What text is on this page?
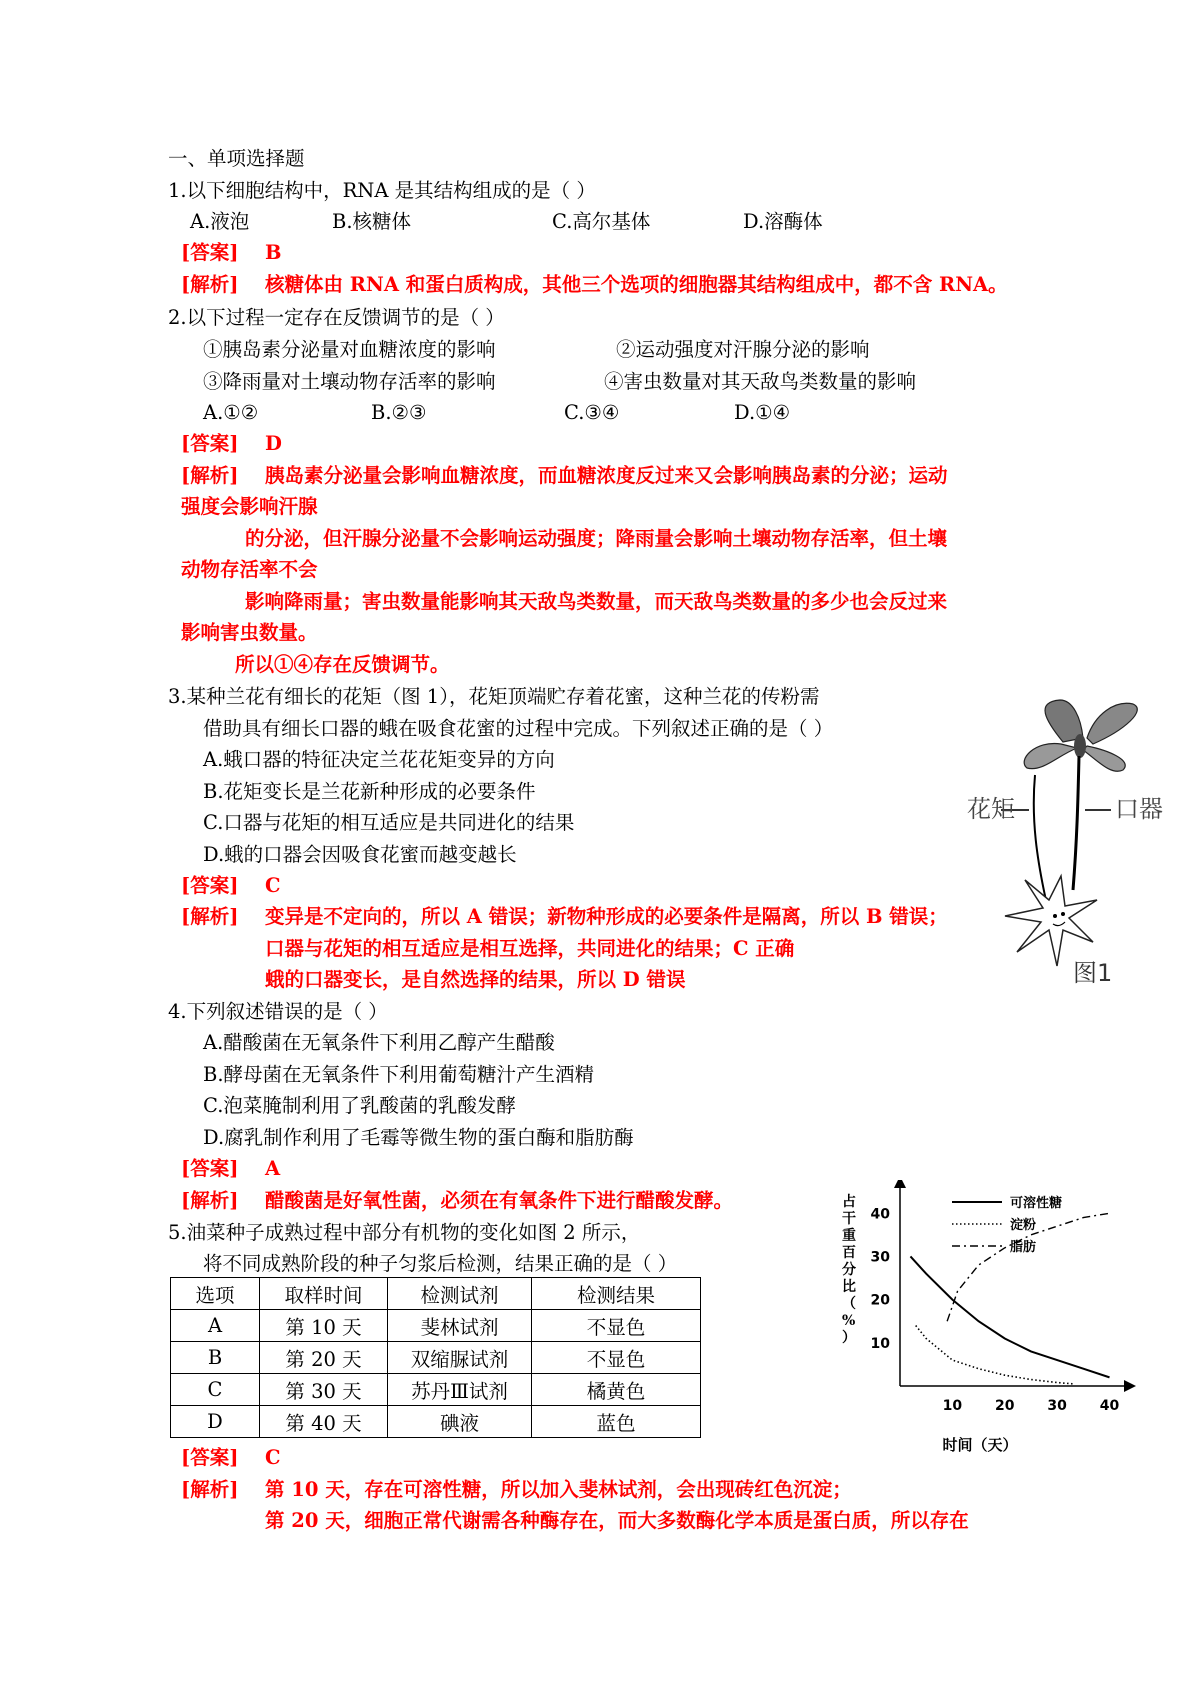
一、单项选择题
1.以下细胞结构中，RNA 是其结构组成的是（ ）
A.液泡	B.核糖体	C.高尔基体	D.溶酶体
[答案] B
[解析] 核糖体由 RNA 和蛋白质构成，其他三个选项的细胞器其结构组成中，都不含 RNA。
2.以下过程一定存在反馈调节的是（ ）
①胰岛素分泌量对血糖浓度的影响	②运动强度对汗腺分泌的影响
③降雨量对土壤动物存活率的影响	④害虫数量对其天敌鸟类数量的影响
A.①②	B.②③	C.③④	D.①④
[答案] D
[解析] 胰岛素分泌量会影响血糖浓度，而血糖浓度反过来又会影响胰岛素的分泌；运动
强度会影响汗腺
的分泌，但汗腺分泌量不会影响运动强度；降雨量会影响土壤动物存活率，但土壤
动物存活率不会
影响降雨量；害虫数量能影响其天敌鸟类数量，而天敌鸟类数量的多少也会反过来
影响害虫数量。
所以①④存在反馈调节。
3.某种兰花有细长的花矩（图 1），花矩顶端贮存着花蜜，这种兰花的传粉需
借助具有细长口器的蛾在吸食花蜜的过程中完成。下列叙述正确的是（ ）
A.蛾口器的特征决定兰花花矩变异的方向
B.花矩变长是兰花新种形成的必要条件
C.口器与花矩的相互适应是共同进化的结果
D.蛾的口器会因吸食花蜜而越变越长
[答案] C
[解析] 变异是不定向的，所以 A 错误；新物种形成的必要条件是隔离，所以 B 错误；
口器与花矩的相互适应是相互选择，共同进化的结果；C 正确
蛾的口器变长，是自然选择的结果，所以 D 错误
花矩	口器
图1
4.下列叙述错误的是（ ）
A.醋酸菌在无氧条件下利用乙醇产生醋酸
B.酵母菌在无氧条件下利用葡萄糖汁产生酒精
C.泡菜腌制利用了乳酸菌的乳酸发酵
D.腐乳制作利用了毛霉等微生物的蛋白酶和脂肪酶
[答案] A
[解析] 醋酸菌是好氧性菌，必须在有氧条件下进行醋酸发酵。
5.油菜种子成熟过程中部分有机物的变化如图 2 所示，
将不同成熟阶段的种子匀浆后检测，结果正确的是（ ）
选项	取样时间	检测试剂	检测结果
A	第 10 天	斐林试剂	不显色
B	第 20 天	双缩脲试剂	不显色
C	第 30 天	苏丹Ⅲ试剂	橘黄色
D	第 40 天	碘液	蓝色
[答案] C
[解析] 第 10 天，存在可溶性糖，所以加入斐林试剂，会出现砖红色沉淀；
第 20 天，细胞正常代谢需各种酶存在，而大多数酶化学本质是蛋白质，所以存在
10 20 30 40
10
20
30
40
占干重百分比（%）
可溶性糖
淀粉
脂肪
时间（天）
